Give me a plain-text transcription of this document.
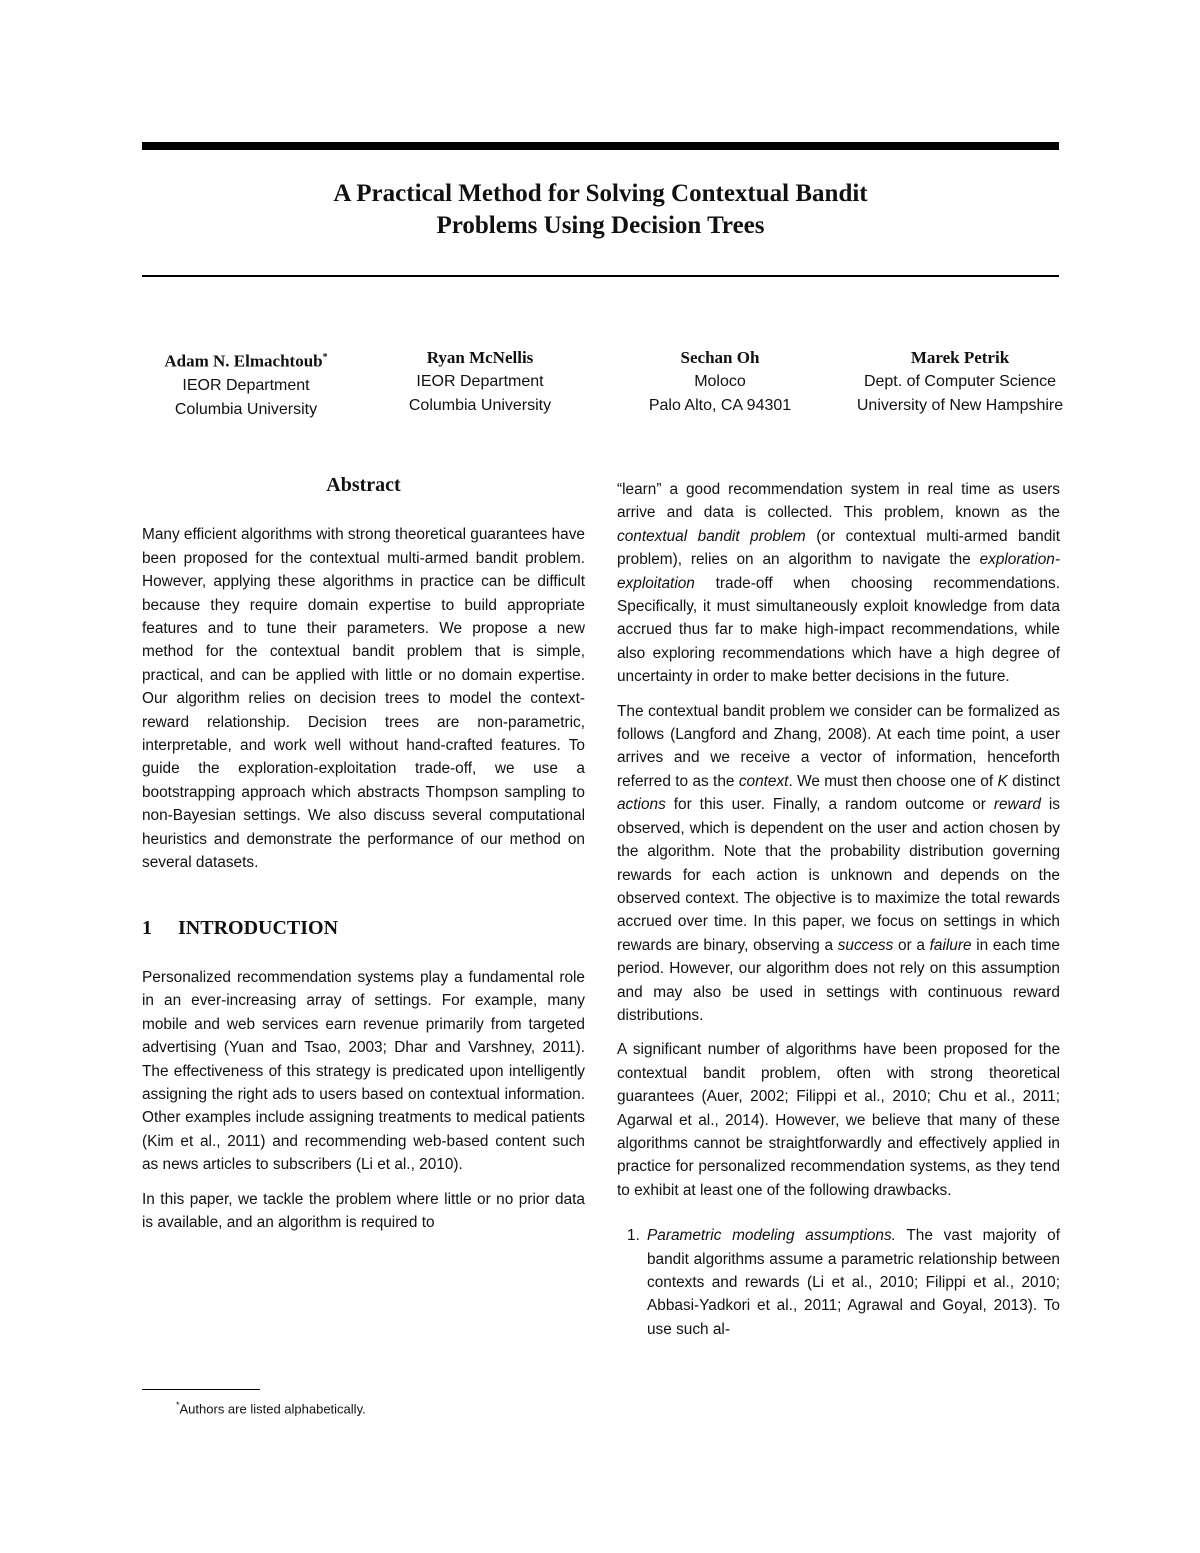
A Practical Method for Solving Contextual Bandit
Problems Using Decision Trees
Adam N. Elmachtoub*
IEOR Department
Columbia University
Ryan McNellis
IEOR Department
Columbia University
Sechan Oh
Moloco
Palo Alto, CA 94301
Marek Petrik
Dept. of Computer Science
University of New Hampshire
Abstract

Many efficient algorithms with strong theoretical guarantees have been proposed for the contextual multi-armed bandit problem. However, applying these algorithms in practice can be difficult because they require domain expertise to build appropriate features and to tune their parameters. We propose a new method for the contextual bandit problem that is simple, practical, and can be applied with little or no domain expertise. Our algorithm relies on decision trees to model the context-reward relationship. Decision trees are non-parametric, interpretable, and work well without hand-crafted features. To guide the exploration-exploitation trade-off, we use a bootstrapping approach which abstracts Thompson sampling to non-Bayesian settings. We also discuss several computational heuristics and demonstrate the performance of our method on several datasets.

1 INTRODUCTION

Personalized recommendation systems play a fundamental role in an ever-increasing array of settings. For example, many mobile and web services earn revenue primarily from targeted advertising (Yuan and Tsao, 2003; Dhar and Varshney, 2011). The effectiveness of this strategy is predicated upon intelligently assigning the right ads to users based on contextual information. Other examples include assigning treatments to medical patients (Kim et al., 2011) and recommending web-based content such as news articles to subscribers (Li et al., 2010).

In this paper, we tackle the problem where little or no prior data is available, and an algorithm is required to

*Authors are listed alphabetically.

“learn” a good recommendation system in real time as users arrive and data is collected. This problem, known as the contextual bandit problem (or contextual multi-armed bandit problem), relies on an algorithm to navigate the exploration-exploitation trade-off when choosing recommendations. Specifically, it must simultaneously exploit knowledge from data accrued thus far to make high-impact recommendations, while also exploring recommendations which have a high degree of uncertainty in order to make better decisions in the future.

The contextual bandit problem we consider can be formalized as follows (Langford and Zhang, 2008). At each time point, a user arrives and we receive a vector of information, henceforth referred to as the context. We must then choose one of K distinct actions for this user. Finally, a random outcome or reward is observed, which is dependent on the user and action chosen by the algorithm. Note that the probability distribution governing rewards for each action is unknown and depends on the observed context. The objective is to maximize the total rewards accrued over time. In this paper, we focus on settings in which rewards are binary, observing a success or a failure in each time period. However, our algorithm does not rely on this assumption and may also be used in settings with continuous reward distributions.

A significant number of algorithms have been proposed for the contextual bandit problem, often with strong theoretical guarantees (Auer, 2002; Filippi et al., 2010; Chu et al., 2011; Agarwal et al., 2014). However, we believe that many of these algorithms cannot be straightforwardly and effectively applied in practice for personalized recommendation systems, as they tend to exhibit at least one of the following drawbacks.

1. Parametric modeling assumptions. The vast majority of bandit algorithms assume a parametric relationship between contexts and rewards (Li et al., 2010; Filippi et al., 2010; Abbasi-Yadkori et al., 2011; Agrawal and Goyal, 2013). To use such al-
